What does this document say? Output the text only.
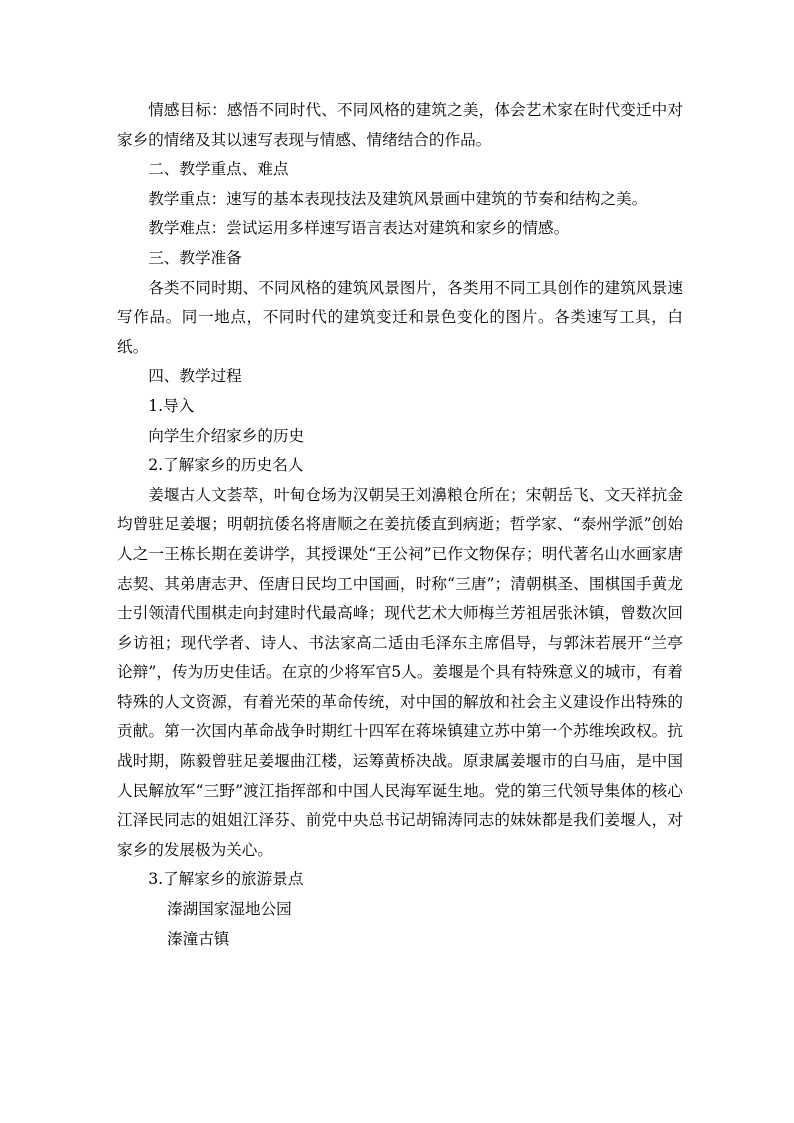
情感目标：感悟不同时代、不同风格的建筑之美，体会艺术家在时代变迁中对家乡的情绪及其以速写表现与情感、情绪结合的作品。

二、教学重点、难点

教学重点：速写的基本表现技法及建筑风景画中建筑的节奏和结构之美。

教学难点：尝试运用多样速写语言表达对建筑和家乡的情感。

三、教学准备

各类不同时期、不同风格的建筑风景图片，各类用不同工具创作的建筑风景速写作品。同一地点，不同时代的建筑变迁和景色变化的图片。各类速写工具，白纸。

四、教学过程

1.导入

向学生介绍家乡的历史

2.了解家乡的历史名人

姜堰古人文荟萃，叶甸仓场为汉朝吴王刘濞粮仓所在；宋朝岳飞、文天祥抗金均曾驻足姜堰；明朝抗倭名将唐顺之在姜抗倭直到病逝；哲学家、“泰州学派”创始人之一王栋长期在姜讲学，其授课处“王公祠”已作文物保存；明代著名山水画家唐志契、其弟唐志尹、侄唐日民均工中国画，时称“三唐”；清朝棋圣、围棋国手黄龙士引领清代围棋走向封建时代最高峰；现代艺术大师梅兰芳祖居张沐镇，曾数次回乡访祖；现代学者、诗人、书法家高二适由毛泽东主席倡导，与郭沫若展开“兰亭论辩”，传为历史佳话。在京的少将军官5人。姜堰是个具有特殊意义的城市，有着特殊的人文资源，有着光荣的革命传统，对中国的解放和社会主义建设作出特殊的贡献。第一次国内革命战争时期红十四军在蒋垛镇建立苏中第一个苏维埃政权。抗战时期，陈毅曾驻足姜堰曲江楼，运筹黄桥决战。原隶属姜堰市的白马庙，是中国人民解放军“三野”渡江指挥部和中国人民海军诞生地。党的第三代领导集体的核心江泽民同志的姐姐江泽芬、前党中央总书记胡锦涛同志的妹妹都是我们姜堰人，对家乡的发展极为关心。

3.了解家乡的旅游景点

溱湖国家湿地公园

溱潼古镇
